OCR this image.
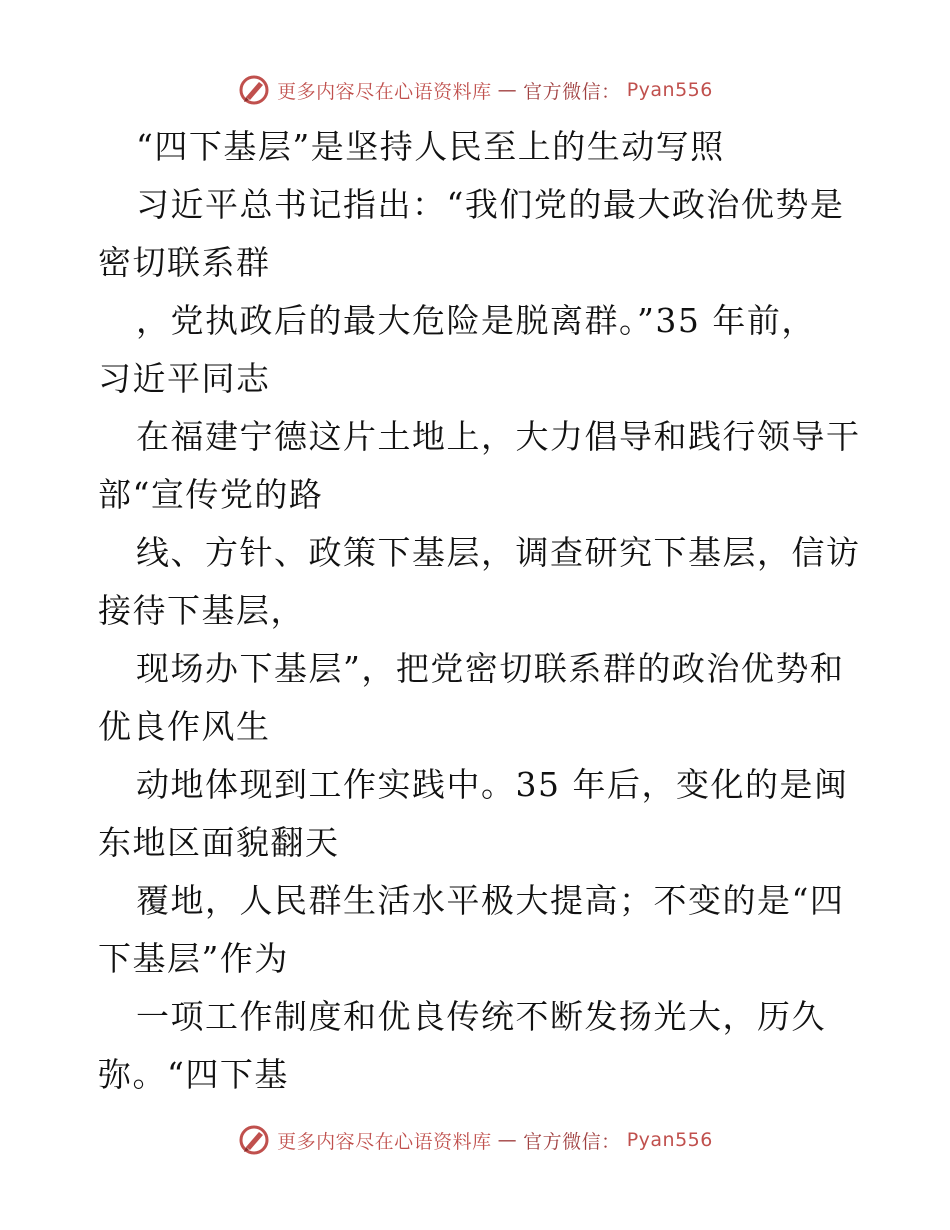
更多内容尽在心语资料库 — 官方微信： Pyan556
“四下基层”是坚持人民至上的生动写照
习近平总书记指出：“我们党的最大政治优势是
密切联系群
，党执政后的最大危险是脱离群。”35 年前，
习近平同志
在福建宁德这片土地上，大力倡导和践行领导干
部“宣传党的路
线、方针、政策下基层，调查研究下基层，信访
接待下基层，
现场办下基层”，把党密切联系群的政治优势和
优良作风生
动地体现到工作实践中。35 年后，变化的是闽
东地区面貌翻天
覆地，人民群生活水平极大提高；不变的是“四
下基层”作为
一项工作制度和优良传统不断发扬光大，历久
弥。“四下基
更多内容尽在心语资料库 — 官方微信： Pyan556
